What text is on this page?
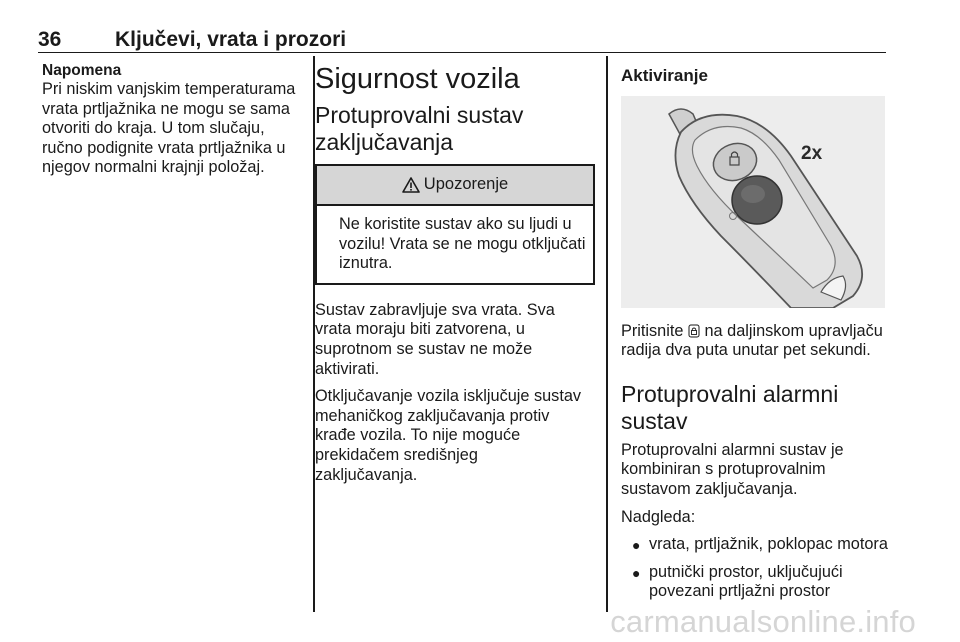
36	Ključevi, vrata i prozori
Napomena
Pri niskim vanjskim temperaturama
vrata prtljažnika ne mogu se sama
otvoriti do kraja. U tom slučaju,
ručno podignite vrata prtljažnika u
njegov normalni krajnji položaj.
Sigurnost vozila
Protuprovalni sustav
zaključavanja
Upozorenje
Ne koristite sustav ako su ljudi u
vozilu! Vrata se ne mogu otključati
iznutra.
Sustav zabravljuje sva vrata. Sva
vrata moraju biti zatvorena, u
suprotnom se sustav ne može
aktivirati.
Otključavanje vozila isključuje sustav
mehaničkog zaključavanja protiv
krađe vozila. To nije moguće
prekidačem središnjeg
zaključavanja.
Aktiviranje
2x
Pritisnite na daljinskom upravljaču
radija dva puta unutar pet sekundi.
Protuprovalni alarmni
sustav
Protuprovalni alarmni sustav je
kombiniran s protuprovalnim
sustavom zaključavanja.
Nadgleda:
● vrata, prtljažnik, poklopac motora
● putnički prostor, uključujući
povezani prtljažni prostor
carmanualsonline.info
